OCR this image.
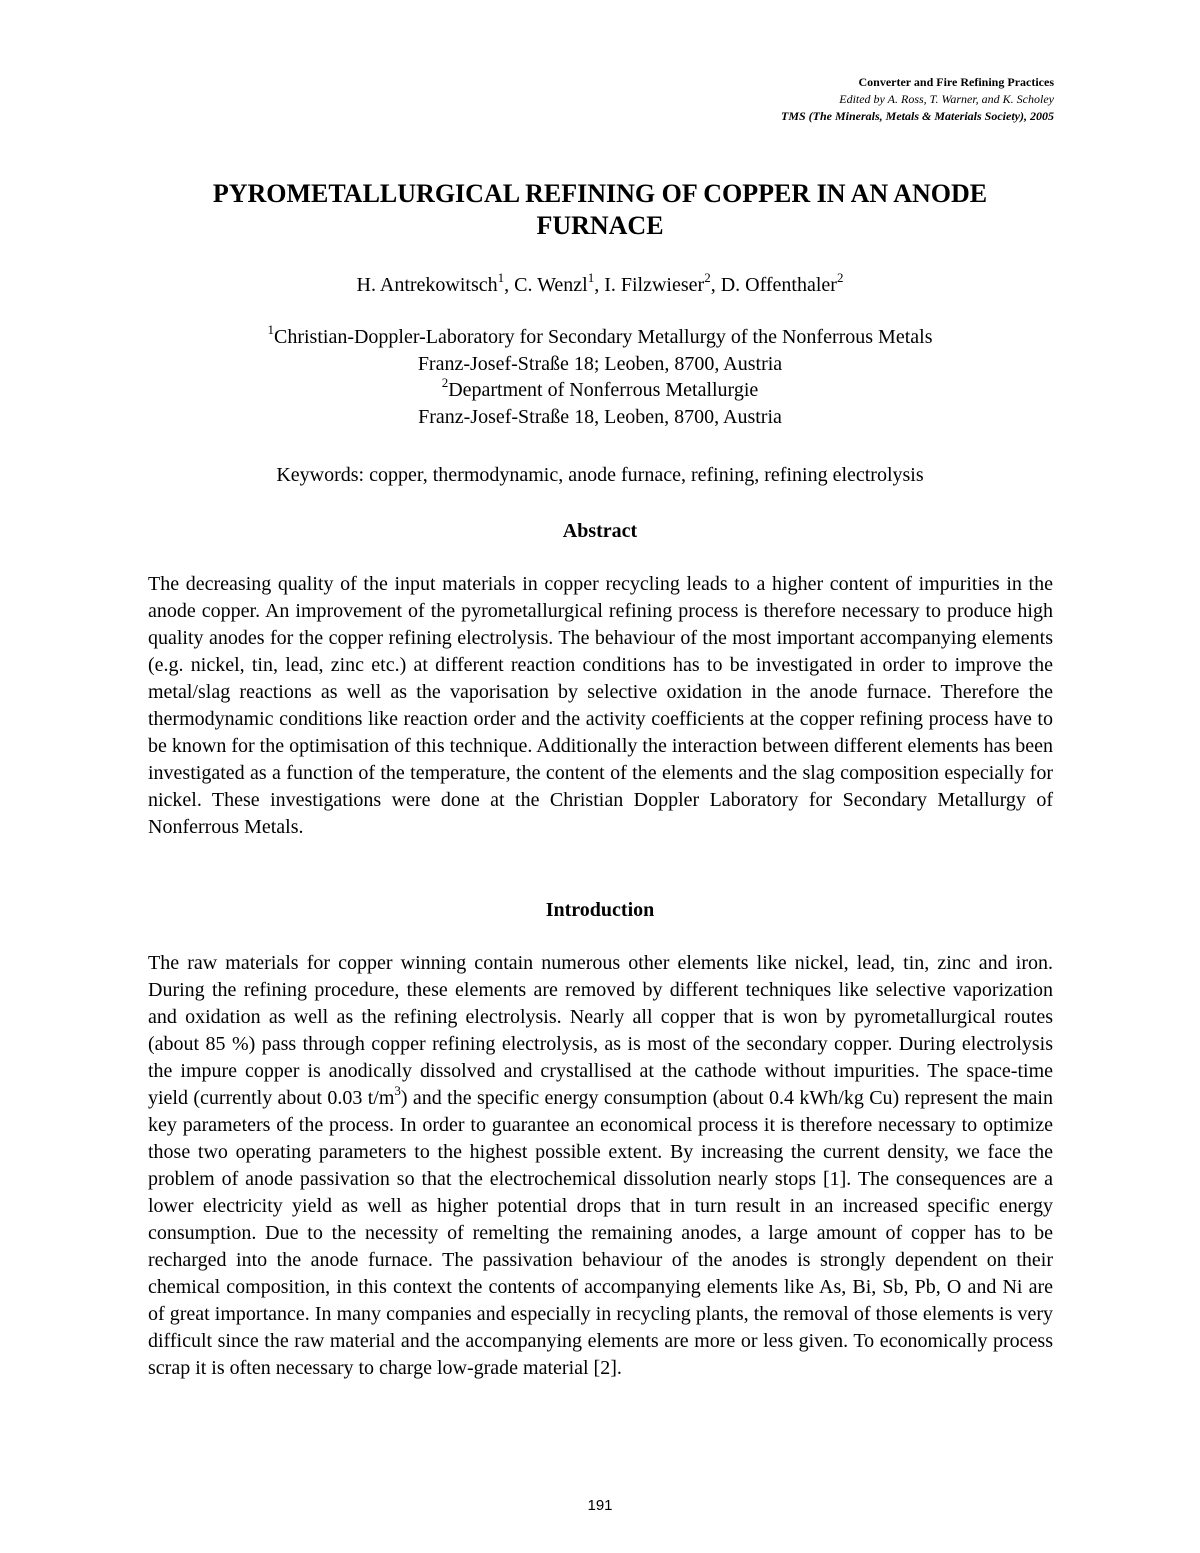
Converter and Fire Refining Practices
Edited by A. Ross, T. Warner, and K. Scholey
TMS (The Minerals, Metals & Materials Society), 2005
PYROMETALLURGICAL REFINING OF COPPER IN AN ANODE
FURNACE
H. Antrekowitsch$^1$, C. Wenzl$^1$, I. Filzwieser$^2$, D. Offenthaler$^2$
$^1$Christian-Doppler-Laboratory for Secondary Metallurgy of the Nonferrous Metals
Franz-Josef-Straße 18; Leoben, 8700, Austria
$^2$Department of Nonferrous Metallurgie
Franz-Josef-Straße 18, Leoben, 8700, Austria
Keywords: copper, thermodynamic, anode furnace, refining, refining electrolysis
Abstract

The decreasing quality of the input materials in copper recycling leads to a higher content of impurities in the anode copper. An improvement of the pyrometallurgical refining process is therefore necessary to produce high quality anodes for the copper refining electrolysis. The behaviour of the most important accompanying elements (e.g. nickel, tin, lead, zinc etc.) at different reaction conditions has to be investigated in order to improve the metal/slag reactions as well as the vaporisation by selective oxidation in the anode furnace. Therefore the thermodynamic conditions like reaction order and the activity coefficients at the copper refining process have to be known for the optimisation of this technique. Additionally the interaction between different elements has been investigated as a function of the temperature, the content of the elements and the slag composition especially for nickel. These investigations were done at the Christian Doppler Laboratory for Secondary Metallurgy of Nonferrous Metals.

Introduction

The raw materials for copper winning contain numerous other elements like nickel, lead, tin, zinc and iron. During the refining procedure, these elements are removed by different techniques like selective vaporization and oxidation as well as the refining electrolysis. Nearly all copper that is won by pyrometallurgical routes (about 85 %) pass through copper refining electrolysis, as is most of the secondary copper. During electrolysis the impure copper is anodically dissolved and crystallised at the cathode without impurities. The space-time yield (currently about 0.03 $t/m^3$) and the specific energy consumption (about 0.4 kWh/kg Cu) represent the main key parameters of the process. In order to guarantee an economical process it is therefore necessary to optimize those two operating parameters to the highest possible extent. By increasing the current density, we face the problem of anode passivation so that the electrochemical dissolution nearly stops [1]. The consequences are a lower electricity yield as well as higher potential drops that in turn result in an increased specific energy consumption. Due to the necessity of remelting the remaining anodes, a large amount of copper has to be recharged into the anode furnace. The passivation behaviour of the anodes is strongly dependent on their chemical composition, in this context the contents of accompanying elements like As, Bi, Sb, Pb, O and Ni are of great importance. In many companies and especially in recycling plants, the removal of those elements is very difficult since the raw material and the accompanying elements are more or less given. To economically process scrap it is often necessary to charge low-grade material [2].

191
